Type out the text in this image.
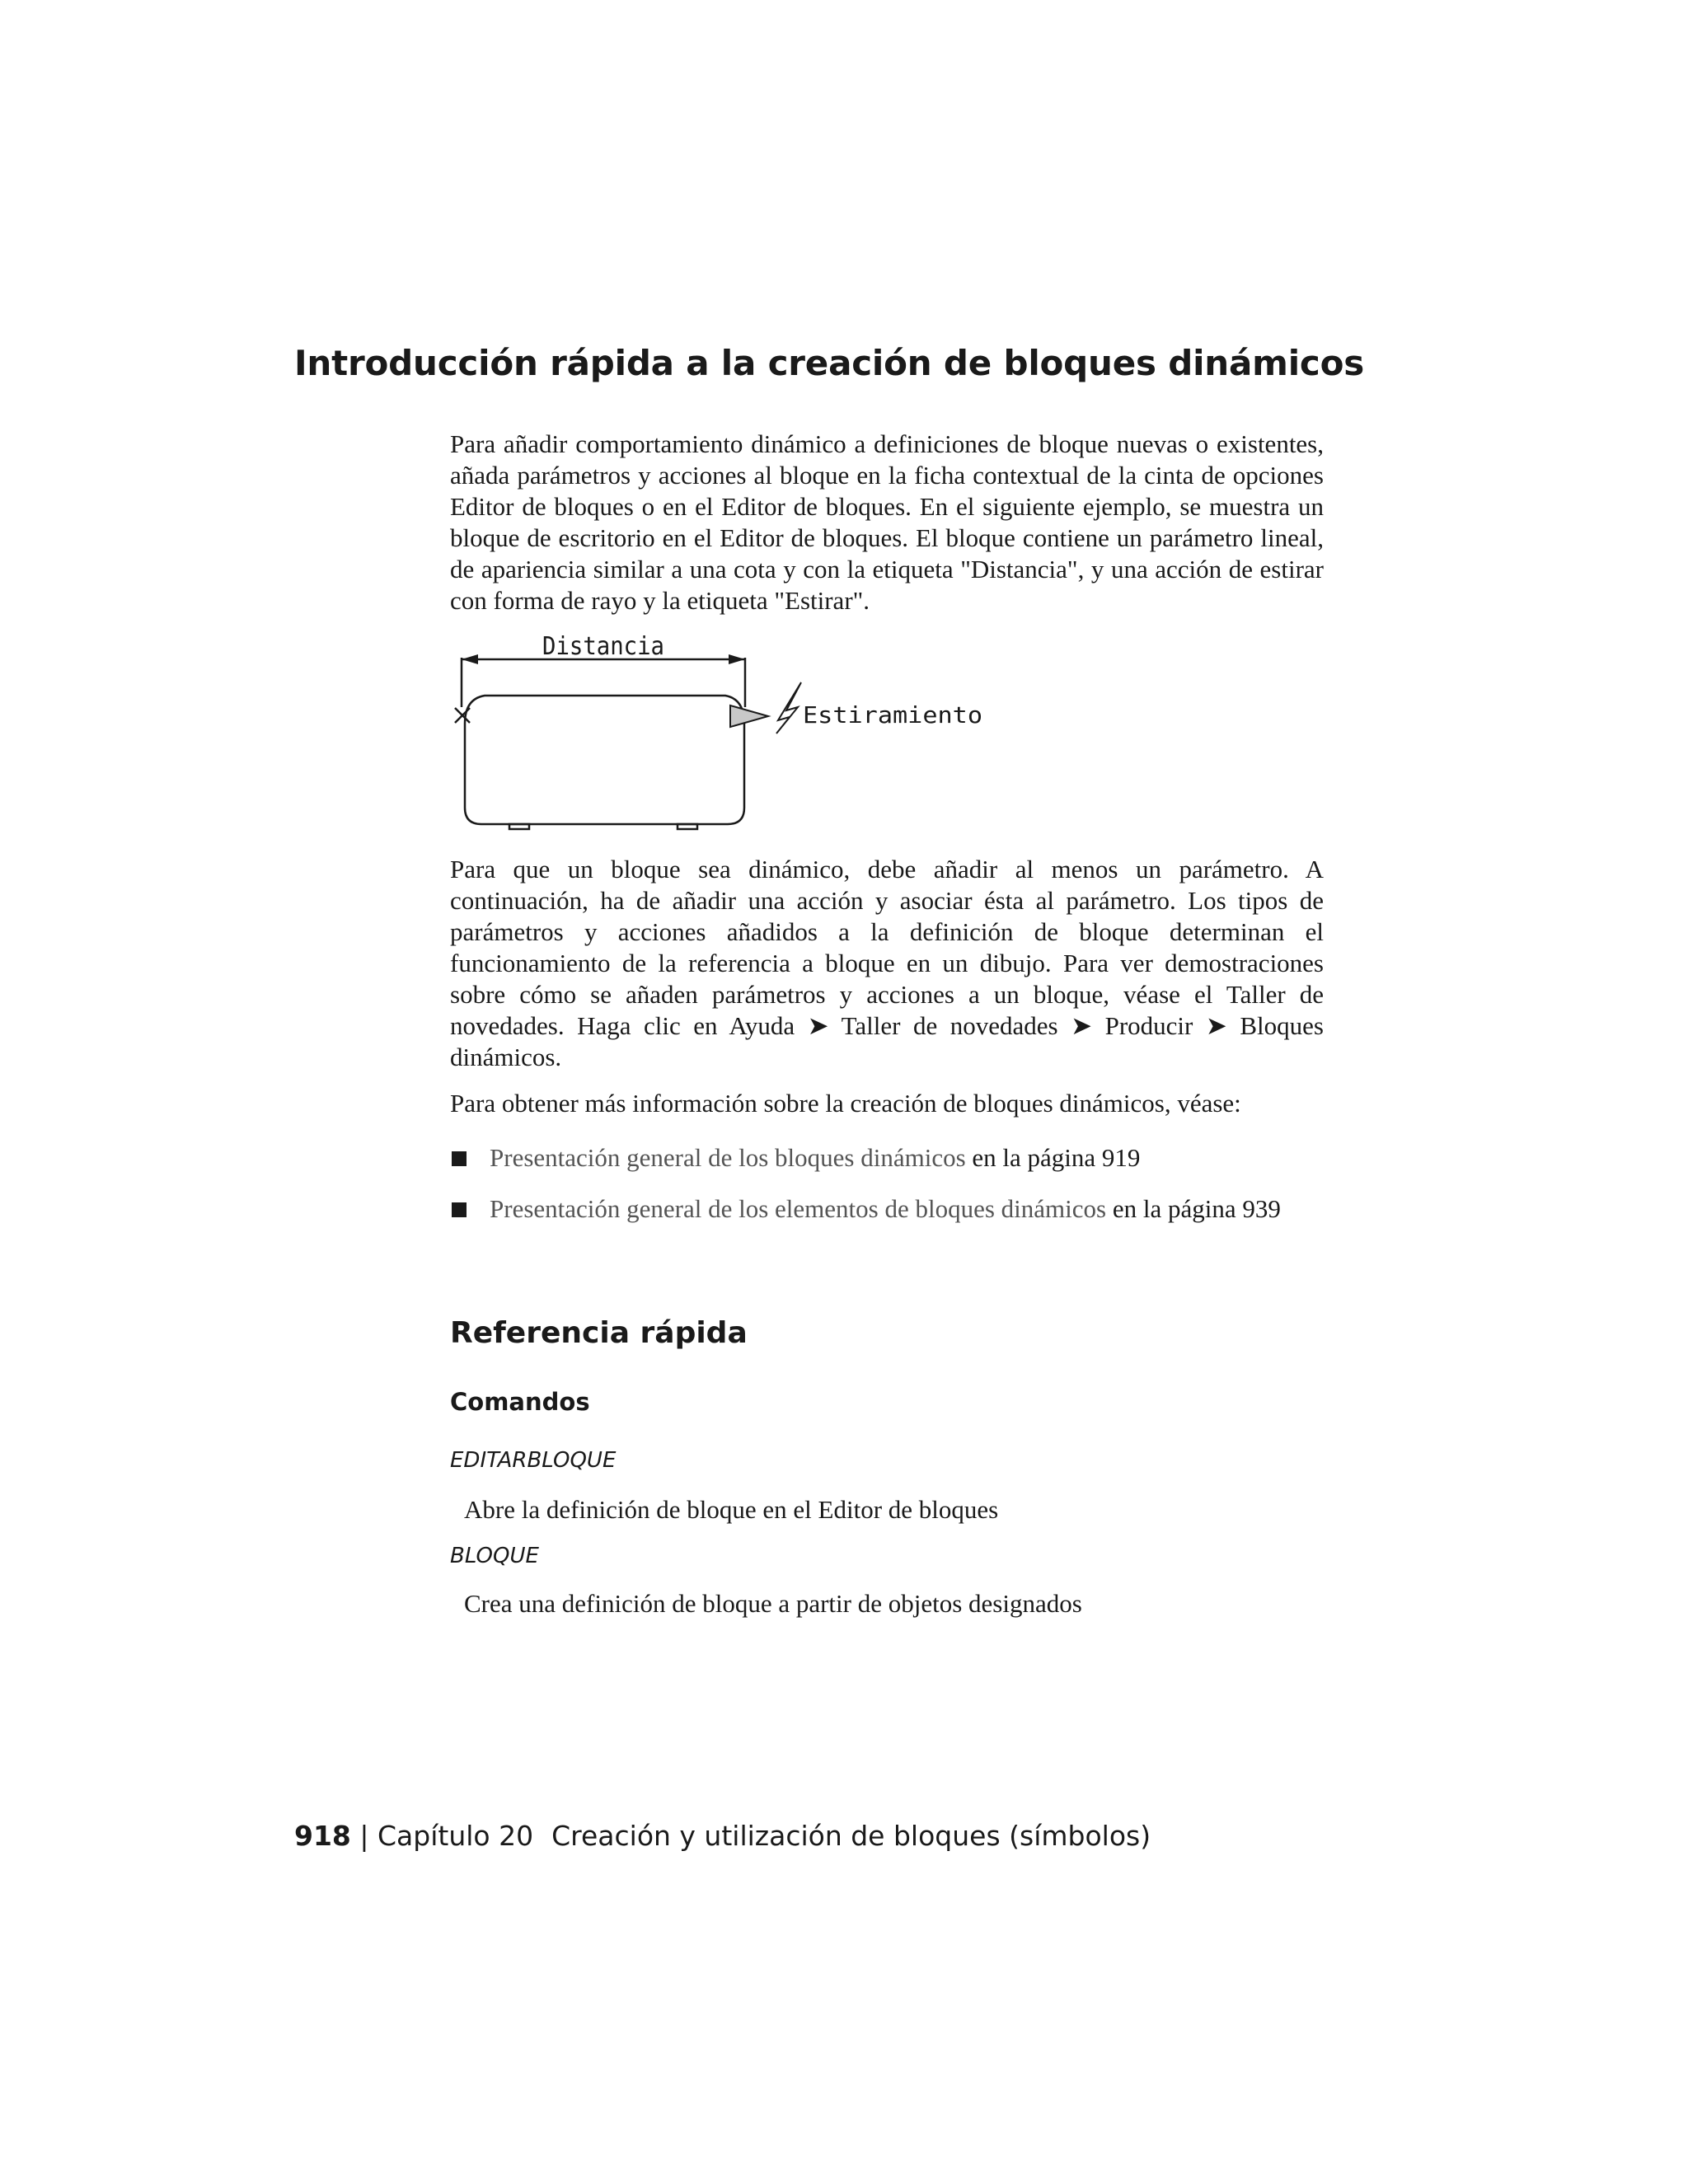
Introducción rápida a la creación de bloques dinámicos

Para añadir comportamiento dinámico a definiciones de bloque nuevas o existentes, añada parámetros y acciones al bloque en la ficha contextual de la cinta de opciones Editor de bloques o en el Editor de bloques. En el siguiente ejemplo, se muestra un bloque de escritorio en el Editor de bloques. El bloque contiene un parámetro lineal, de apariencia similar a una cota y con la etiqueta "Distancia", y una acción de estirar con forma de rayo y la etiqueta "Estirar".

Distancia
Estiramiento

Para que un bloque sea dinámico, debe añadir al menos un parámetro. A continuación, ha de añadir una acción y asociar ésta al parámetro. Los tipos de parámetros y acciones añadidos a la definición de bloque determinan el funcionamiento de la referencia a bloque en un dibujo. Para ver demostraciones sobre cómo se añaden parámetros y acciones a un bloque, véase el Taller de novedades. Haga clic en Ayuda ➤ Taller de novedades ➤ Producir ➤ Bloques dinámicos.

Para obtener más información sobre la creación de bloques dinámicos, véase:

Presentación general de los bloques dinámicos en la página 919
Presentación general de los elementos de bloques dinámicos en la página 939
Referencia rápida
Comandos

EDITARBLOQUE

Abre la definición de bloque en el Editor de bloques

BLOQUE

Crea una definición de bloque a partir de objetos designados

918 | Capítulo 20 Creación y utilización de bloques (símbolos)
